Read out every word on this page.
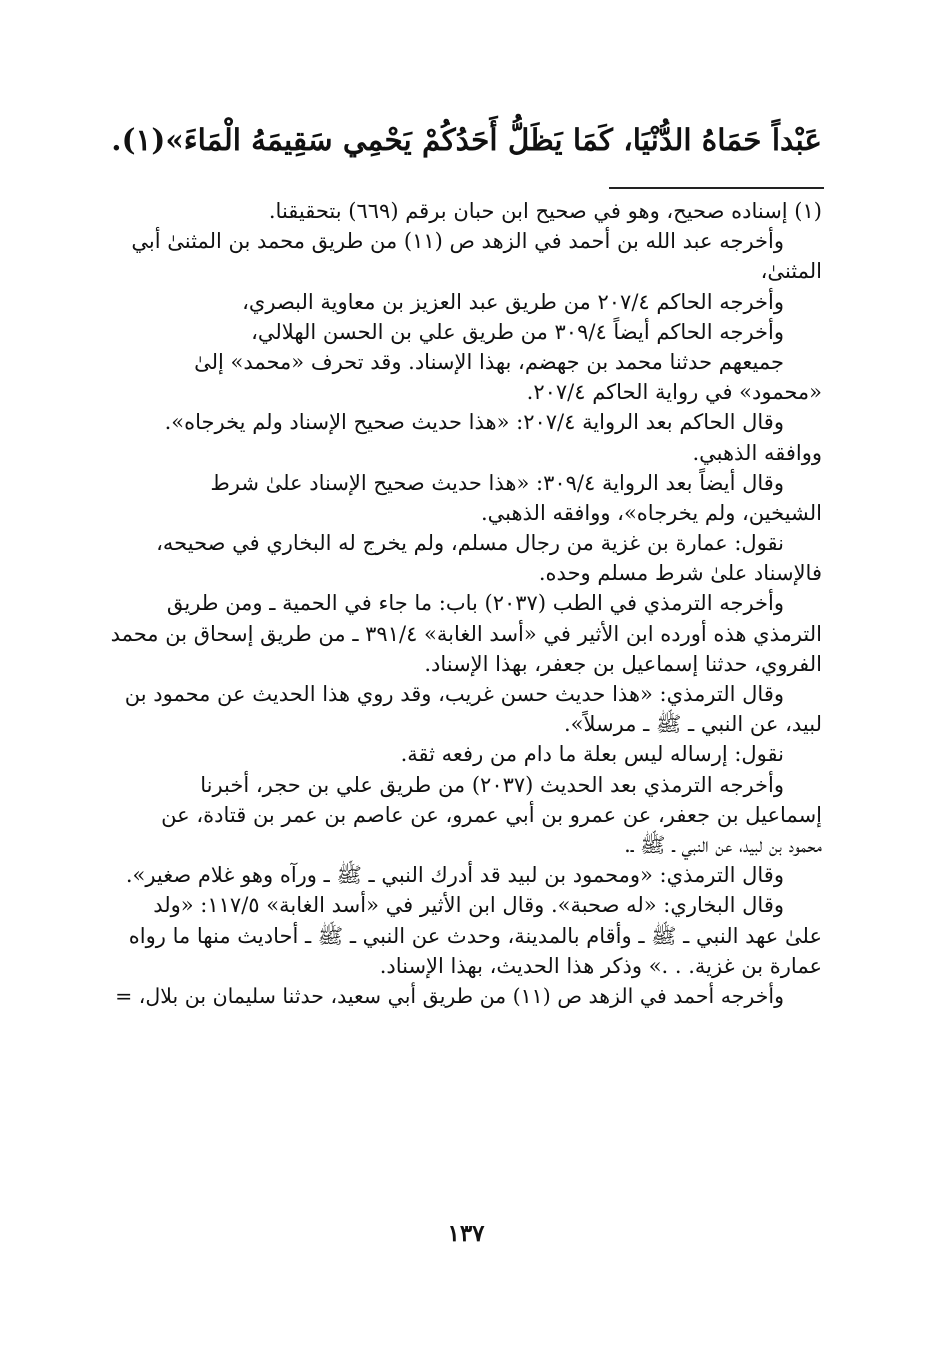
عَبْداً حَمَاهُ الدُّنْيَا، كَمَا يَظَلُّ أَحَدُكُمْ يَحْمِي سَقِيمَهُ الْمَاءَ»(١).
(١) إسناده صحيح، وهو في صحيح ابن حبان برقم (٦٦٩) بتحقيقنا.
وأخرجه عبد الله بن أحمد في الزهد ص (١١) من طريق محمد بن المثنىٰ أبي
المثنىٰ،
وأخرجه الحاكم ٢٠٧/٤ من طريق عبد العزيز بن معاوية البصري،
وأخرجه الحاكم أيضاً ٣٠٩/٤ من طريق علي بن الحسن الهلالي،
جميعهم حدثنا محمد بن جهضم، بهذا الإسناد. وقد تحرف «محمد» إلىٰ
«محمود» في رواية الحاكم ٢٠٧/٤.
وقال الحاكم بعد الرواية ٢٠٧/٤: «هذا حديث صحيح الإسناد ولم يخرجاه».
ووافقه الذهبي.
وقال أيضاً بعد الرواية ٣٠٩/٤: «هذا حديث صحيح الإسناد علىٰ شرط
الشيخين، ولم يخرجاه»، ووافقه الذهبي.
نقول: عمارة بن غزية من رجال مسلم، ولم يخرج له البخاري في صحيحه،
فالإسناد علىٰ شرط مسلم وحده.
وأخرجه الترمذي في الطب (٢٠٣٧) باب: ما جاء في الحمية ـ ومن طريق
الترمذي هذه أورده ابن الأثير في «أسد الغابة» ٣٩١/٤ ـ من طريق إسحاق بن محمد
الفروي، حدثنا إسماعيل بن جعفر، بهذا الإسناد.
وقال الترمذي: «هذا حديث حسن غريب، وقد روي هذا الحديث عن محمود بن
لبيد، عن النبي ـ ﷺ ـ مرسلاً».
نقول: إرساله ليس بعلة ما دام من رفعه ثقة.
وأخرجه الترمذي بعد الحديث (٢٠٣٧) من طريق علي بن حجر، أخبرنا
إسماعيل بن جعفر، عن عمرو بن أبي عمرو، عن عاصم بن عمر بن قتادة، عن
محمود بن لبيد، عن النبي ـ ﷺ ـ.
وقال الترمذي: «ومحمود بن لبيد قد أدرك النبي ـ ﷺ ـ ورآه وهو غلام صغير».
وقال البخاري: «له صحبة». وقال ابن الأثير في «أسد الغابة» ١١٧/٥: «ولد
علىٰ عهد النبي ـ ﷺ ـ وأقام بالمدينة، وحدث عن النبي ـ ﷺ ـ أحاديث منها ما رواه
عمارة بن غزية. . .» وذكر هذا الحديث، بهذا الإسناد.
وأخرجه أحمد في الزهد ص (١١) من طريق أبي سعيد، حدثنا سليمان بن بلال، =
١٣٧
